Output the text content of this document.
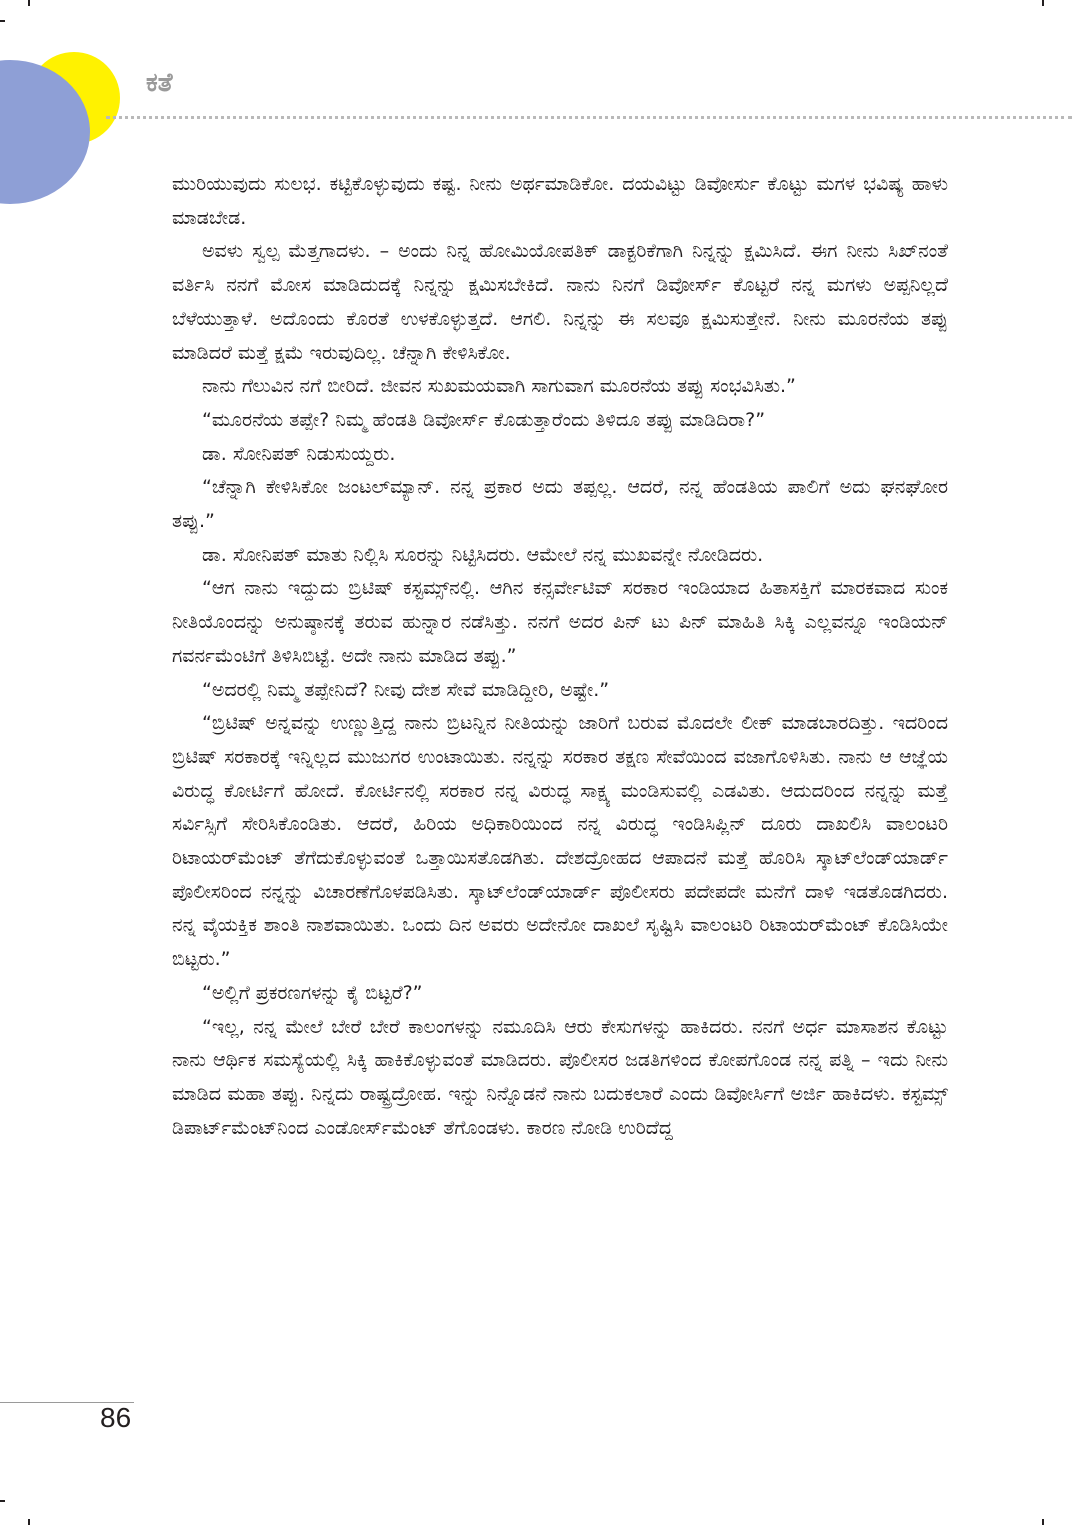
ಕತೆ

ಮುರಿಯುವುದು ಸುಲಭ. ಕಟ್ಟಿಕೊಳ್ಳುವುದು ಕಷ್ಟ. ನೀನು ಅರ್ಥಮಾಡಿಕೋ. ದಯವಿಟ್ಟು ಡಿವೋರ್ಸು ಕೊಟ್ಟು ಮಗಳ ಭವಿಷ್ಯ ಹಾಳು ಮಾಡಬೇಡ.

ಅವಳು ಸ್ವಲ್ಪ ಮೆತ್ತಗಾದಳು. – ಅಂದು ನಿನ್ನ ಹೋಮಿಯೋಪತಿಕ್ ಡಾಕ್ಟರಿಕೆಗಾಗಿ ನಿನ್ನನ್ನು ಕ್ಷಮಿಸಿದೆ. ಈಗ ನೀನು ಸಿಖ್‌ನಂತೆ ವರ್ತಿಸಿ ನನಗೆ ಮೋಸ ಮಾಡಿದುದಕ್ಕೆ ನಿನ್ನನ್ನು ಕ್ಷಮಿಸಬೇಕಿದೆ. ನಾನು ನಿನಗೆ ಡಿವೋರ್ಸ್ ಕೊಟ್ಟರೆ ನನ್ನ ಮಗಳು ಅಪ್ಪನಿಲ್ಲದೆ ಬೆಳೆಯುತ್ತಾಳೆ. ಅದೊಂದು ಕೊರತೆ ಉಳಕೊಳ್ಳುತ್ತದೆ. ಆಗಲಿ. ನಿನ್ನನ್ನು ಈ ಸಲವೂ ಕ್ಷಮಿಸುತ್ತೇನೆ. ನೀನು ಮೂರನೆಯ ತಪ್ಪು ಮಾಡಿದರೆ ಮತ್ತೆ ಕ್ಷಮೆ ಇರುವುದಿಲ್ಲ. ಚೆನ್ನಾಗಿ ಕೇಳಿಸಿಕೋ.

ನಾನು ಗೆಲುವಿನ ನಗೆ ಬೀರಿದೆ. ಜೀವನ ಸುಖಮಯವಾಗಿ ಸಾಗುವಾಗ ಮೂರನೆಯ ತಪ್ಪು ಸಂಭವಿಸಿತು.”

“ಮೂರನೆಯ ತಪ್ಪೇ? ನಿಮ್ಮ ಹೆಂಡತಿ ಡಿವೋರ್ಸ್ ಕೊಡುತ್ತಾರೆಂದು ತಿಳಿದೂ ತಪ್ಪು ಮಾಡಿದಿರಾ?”

ಡಾ. ಸೋನಿಪತ್ ನಿಡುಸುಯ್ದರು.

“ಚೆನ್ನಾಗಿ ಕೇಳಿಸಿಕೋ ಜಂಟಲ್‌ಮ್ಯಾನ್. ನನ್ನ ಪ್ರಕಾರ ಅದು ತಪ್ಪಲ್ಲ. ಆದರೆ, ನನ್ನ ಹೆಂಡತಿಯ ಪಾಲಿಗೆ ಅದು ಘನಘೋರ ತಪ್ಪು.”

ಡಾ. ಸೋನಿಪತ್ ಮಾತು ನಿಲ್ಲಿಸಿ ಸೂರನ್ನು ನಿಟ್ಟಿಸಿದರು. ಆಮೇಲೆ ನನ್ನ ಮುಖವನ್ನೇ ನೋಡಿದರು.

“ಆಗ ನಾನು ಇದ್ದುದು ಬ್ರಿಟಿಷ್ ಕಸ್ಟಮ್ಸ್‌ನಲ್ಲಿ. ಆಗಿನ ಕನ್ಸರ್ವೇಟಿವ್ ಸರಕಾರ ಇಂಡಿಯಾದ ಹಿತಾಸಕ್ತಿಗೆ ಮಾರಕವಾದ ಸುಂಕ ನೀತಿಯೊಂದನ್ನು ಅನುಷ್ಠಾನಕ್ಕೆ ತರುವ ಹುನ್ನಾರ ನಡೆಸಿತ್ತು. ನನಗೆ ಅದರ ಪಿನ್ ಟು ಪಿನ್ ಮಾಹಿತಿ ಸಿಕ್ಕಿ ಎಲ್ಲವನ್ನೂ ಇಂಡಿಯನ್ ಗವರ್ನಮೆಂಟಿಗೆ ತಿಳಿಸಿಬಿಟ್ಟೆ. ಅದೇ ನಾನು ಮಾಡಿದ ತಪ್ಪು.”

“ಅದರಲ್ಲಿ ನಿಮ್ಮ ತಪ್ಪೇನಿದೆ? ನೀವು ದೇಶ ಸೇವೆ ಮಾಡಿದ್ದೀರಿ, ಅಷ್ಟೇ.”

“ಬ್ರಿಟಿಷ್ ಅನ್ನವನ್ನು ಉಣ್ಣುತ್ತಿದ್ದ ನಾನು ಬ್ರಿಟನ್ನಿನ ನೀತಿಯನ್ನು ಜಾರಿಗೆ ಬರುವ ಮೊದಲೇ ಲೀಕ್ ಮಾಡಬಾರದಿತ್ತು. ಇದರಿಂದ ಬ್ರಿಟಿಷ್ ಸರಕಾರಕ್ಕೆ ಇನ್ನಿಲ್ಲದ ಮುಜುಗರ ಉಂಟಾಯಿತು. ನನ್ನನ್ನು ಸರಕಾರ ತಕ್ಷಣ ಸೇವೆಯಿಂದ ವಜಾಗೊಳಿಸಿತು. ನಾನು ಆ ಆಜ್ಞೆಯ ವಿರುದ್ಧ ಕೋರ್ಟಿಗೆ ಹೋದೆ. ಕೋರ್ಟಿನಲ್ಲಿ ಸರಕಾರ ನನ್ನ ವಿರುದ್ಧ ಸಾಕ್ಷ್ಯ ಮಂಡಿಸುವಲ್ಲಿ ಎಡವಿತು. ಆದುದರಿಂದ ನನ್ನನ್ನು ಮತ್ತೆ ಸರ್ವಿಸ್ಸಿಗೆ ಸೇರಿಸಿಕೊಂಡಿತು. ಆದರೆ, ಹಿರಿಯ ಅಧಿಕಾರಿಯಿಂದ ನನ್ನ ವಿರುದ್ಧ ಇಂಡಿಸಿಪ್ಲಿನ್ ದೂರು ದಾಖಲಿಸಿ ವಾಲಂಟರಿ ರಿಟಾಯರ್‌ಮೆಂಟ್ ತೆಗೆದುಕೊಳ್ಳುವಂತೆ ಒತ್ತಾಯಿಸತೊಡಗಿತು. ದೇಶದ್ರೋಹದ ಆಪಾದನೆ ಮತ್ತೆ ಹೊರಿಸಿ ಸ್ಕಾಟ್‌ಲೆಂಡ್‌ಯಾರ್ಡ್ ಪೊಲೀಸರಿಂದ ನನ್ನನ್ನು ವಿಚಾರಣೆಗೊಳಪಡಿಸಿತು. ಸ್ಕಾಟ್‌ಲೆಂಡ್‌ಯಾರ್ಡ್ ಪೊಲೀಸರು ಪದೇಪದೇ ಮನೆಗೆ ದಾಳಿ ಇಡತೊಡಗಿದರು. ನನ್ನ ವೈಯಕ್ತಿಕ ಶಾಂತಿ ನಾಶವಾಯಿತು. ಒಂದು ದಿನ ಅವರು ಅದೇನೋ ದಾಖಲೆ ಸೃಷ್ಟಿಸಿ ವಾಲಂಟರಿ ರಿಟಾಯರ್‌ಮೆಂಟ್ ಕೊಡಿಸಿಯೇ ಬಿಟ್ಟರು.”

“ಅಲ್ಲಿಗೆ ಪ್ರಕರಣಗಳನ್ನು ಕೈ ಬಿಟ್ಟರೆ?”

“ಇಲ್ಲ, ನನ್ನ ಮೇಲೆ ಬೇರೆ ಬೇರೆ ಕಾಲಂಗಳನ್ನು ನಮೂದಿಸಿ ಆರು ಕೇಸುಗಳನ್ನು ಹಾಕಿದರು. ನನಗೆ ಅರ್ಧ ಮಾಸಾಶನ ಕೊಟ್ಟು ನಾನು ಆರ್ಥಿಕ ಸಮಸ್ಯೆಯಲ್ಲಿ ಸಿಕ್ಕಿ ಹಾಕಿಕೊಳ್ಳುವಂತೆ ಮಾಡಿದರು. ಪೊಲೀಸರ ಜಡತಿಗಳಿಂದ ಕೋಪಗೊಂಡ ನನ್ನ ಪತ್ನಿ – ಇದು ನೀನು ಮಾಡಿದ ಮಹಾ ತಪ್ಪು. ನಿನ್ನದು ರಾಷ್ಟ್ರದ್ರೋಹ. ಇನ್ನು ನಿನ್ನೊಡನೆ ನಾನು ಬದುಕಲಾರೆ ಎಂದು ಡಿವೋರ್ಸಿಗೆ ಅರ್ಜಿ ಹಾಕಿದಳು. ಕಸ್ಟಮ್ಸ್ ಡಿಪಾರ್ಟ್‌ಮೆಂಟ್‌ನಿಂದ ಎಂಡೋರ್ಸ್‌ಮೆಂಟ್ ತೆಗೊಂಡಳು. ಕಾರಣ ನೋಡಿ ಉರಿದೆದ್ದ

86
